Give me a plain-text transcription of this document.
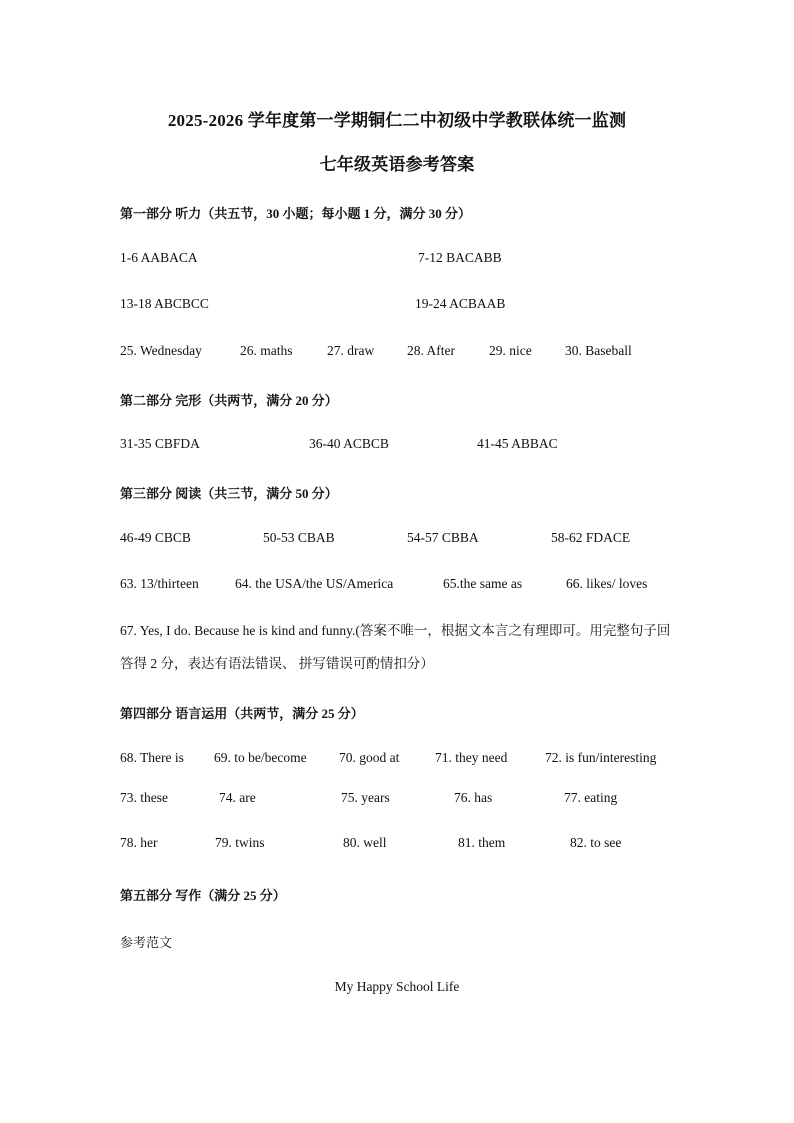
2025-2026 学年度第一学期铜仁二中初级中学教联体统一监测
七年级英语参考答案
第一部分 听力（共五节，30 小题；每小题 1 分，满分 30 分）
1-6 AABACA	7-12 BACABB
13-18 ABCBCC	19-24 ACBAAB
25. Wednesday	26. maths	27. draw 28. After	29. nice 30. Baseball
第二部分 完形（共两节，满分 20 分）
31-35 CBFDA	36-40 ACBCB	41-45 ABBAC
第三部分 阅读（共三节，满分 50 分）
46-49 CBCB	50-53 CBAB	54-57 CBBA	58-62 FDACE
63. 13/thirteen	64. the USA/the US/America	65.the same as	66. likes/ loves
67. Yes, I do. Because he is kind and funny.(答案不唯一，根据文本言之有理即可。用完整句子回答得 2 分，表达有语法错误、 拼写错误可酌情扣分）
第四部分 语言运用（共两节，满分 25 分）
68. There is 69. to be/become 70. good at	71. they need	72. is fun/interesting
73. these	74. are	75. years	76. has	77. eating
78. her	79. twins	80. well	81. them	82. to see
第五部分 写作（满分 25 分）
参考范文
My Happy School Life
